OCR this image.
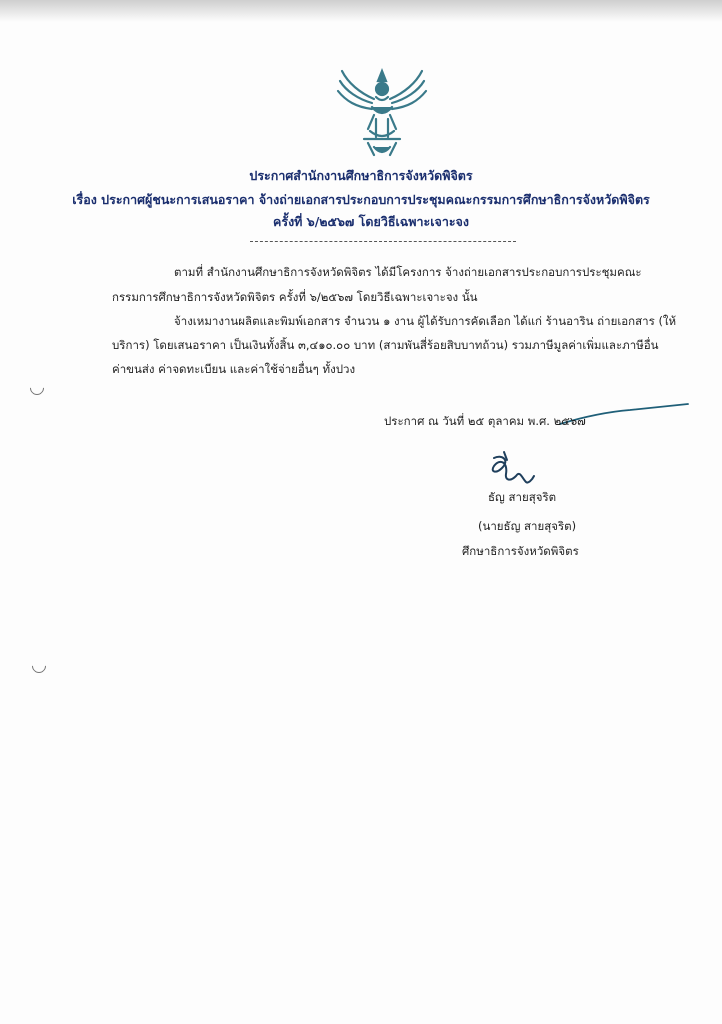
ประกาศสำนักงานศึกษาธิการจังหวัดพิจิตร
เรื่อง ประกาศผู้ชนะการเสนอราคา จ้างถ่ายเอกสารประกอบการประชุมคณะกรรมการศึกษาธิการจังหวัดพิจิตร
ครั้งที่ ๖/๒๕๖๗ โดยวิธีเฉพาะเจาะจง
ตามที่ สำนักงานศึกษาธิการจังหวัดพิจิตร ได้มีโครงการ จ้างถ่ายเอกสารประกอบการประชุมคณะ
กรรมการศึกษาธิการจังหวัดพิจิตร ครั้งที่ ๖/๒๕๖๗ โดยวิธีเฉพาะเจาะจง นั้น
จ้างเหมางานผลิตและพิมพ์เอกสาร จำนวน ๑ งาน ผู้ได้รับการคัดเลือก ได้แก่ ร้านอาริน ถ่ายเอกสาร (ให้
บริการ) โดยเสนอราคา เป็นเงินทั้งสิ้น ๓,๔๑๐.๐๐ บาท (สามพันสี่ร้อยสิบบาทถ้วน) รวมภาษีมูลค่าเพิ่มและภาษีอื่น
ค่าขนส่ง ค่าจดทะเบียน และค่าใช้จ่ายอื่นๆ ทั้งปวง
ประกาศ ณ วันที่ ๒๕ ตุลาคม พ.ศ. ๒๕๖๗
ธัญ สายสุจริต
(นายธัญ สายสุจริต)
ศึกษาธิการจังหวัดพิจิตร
